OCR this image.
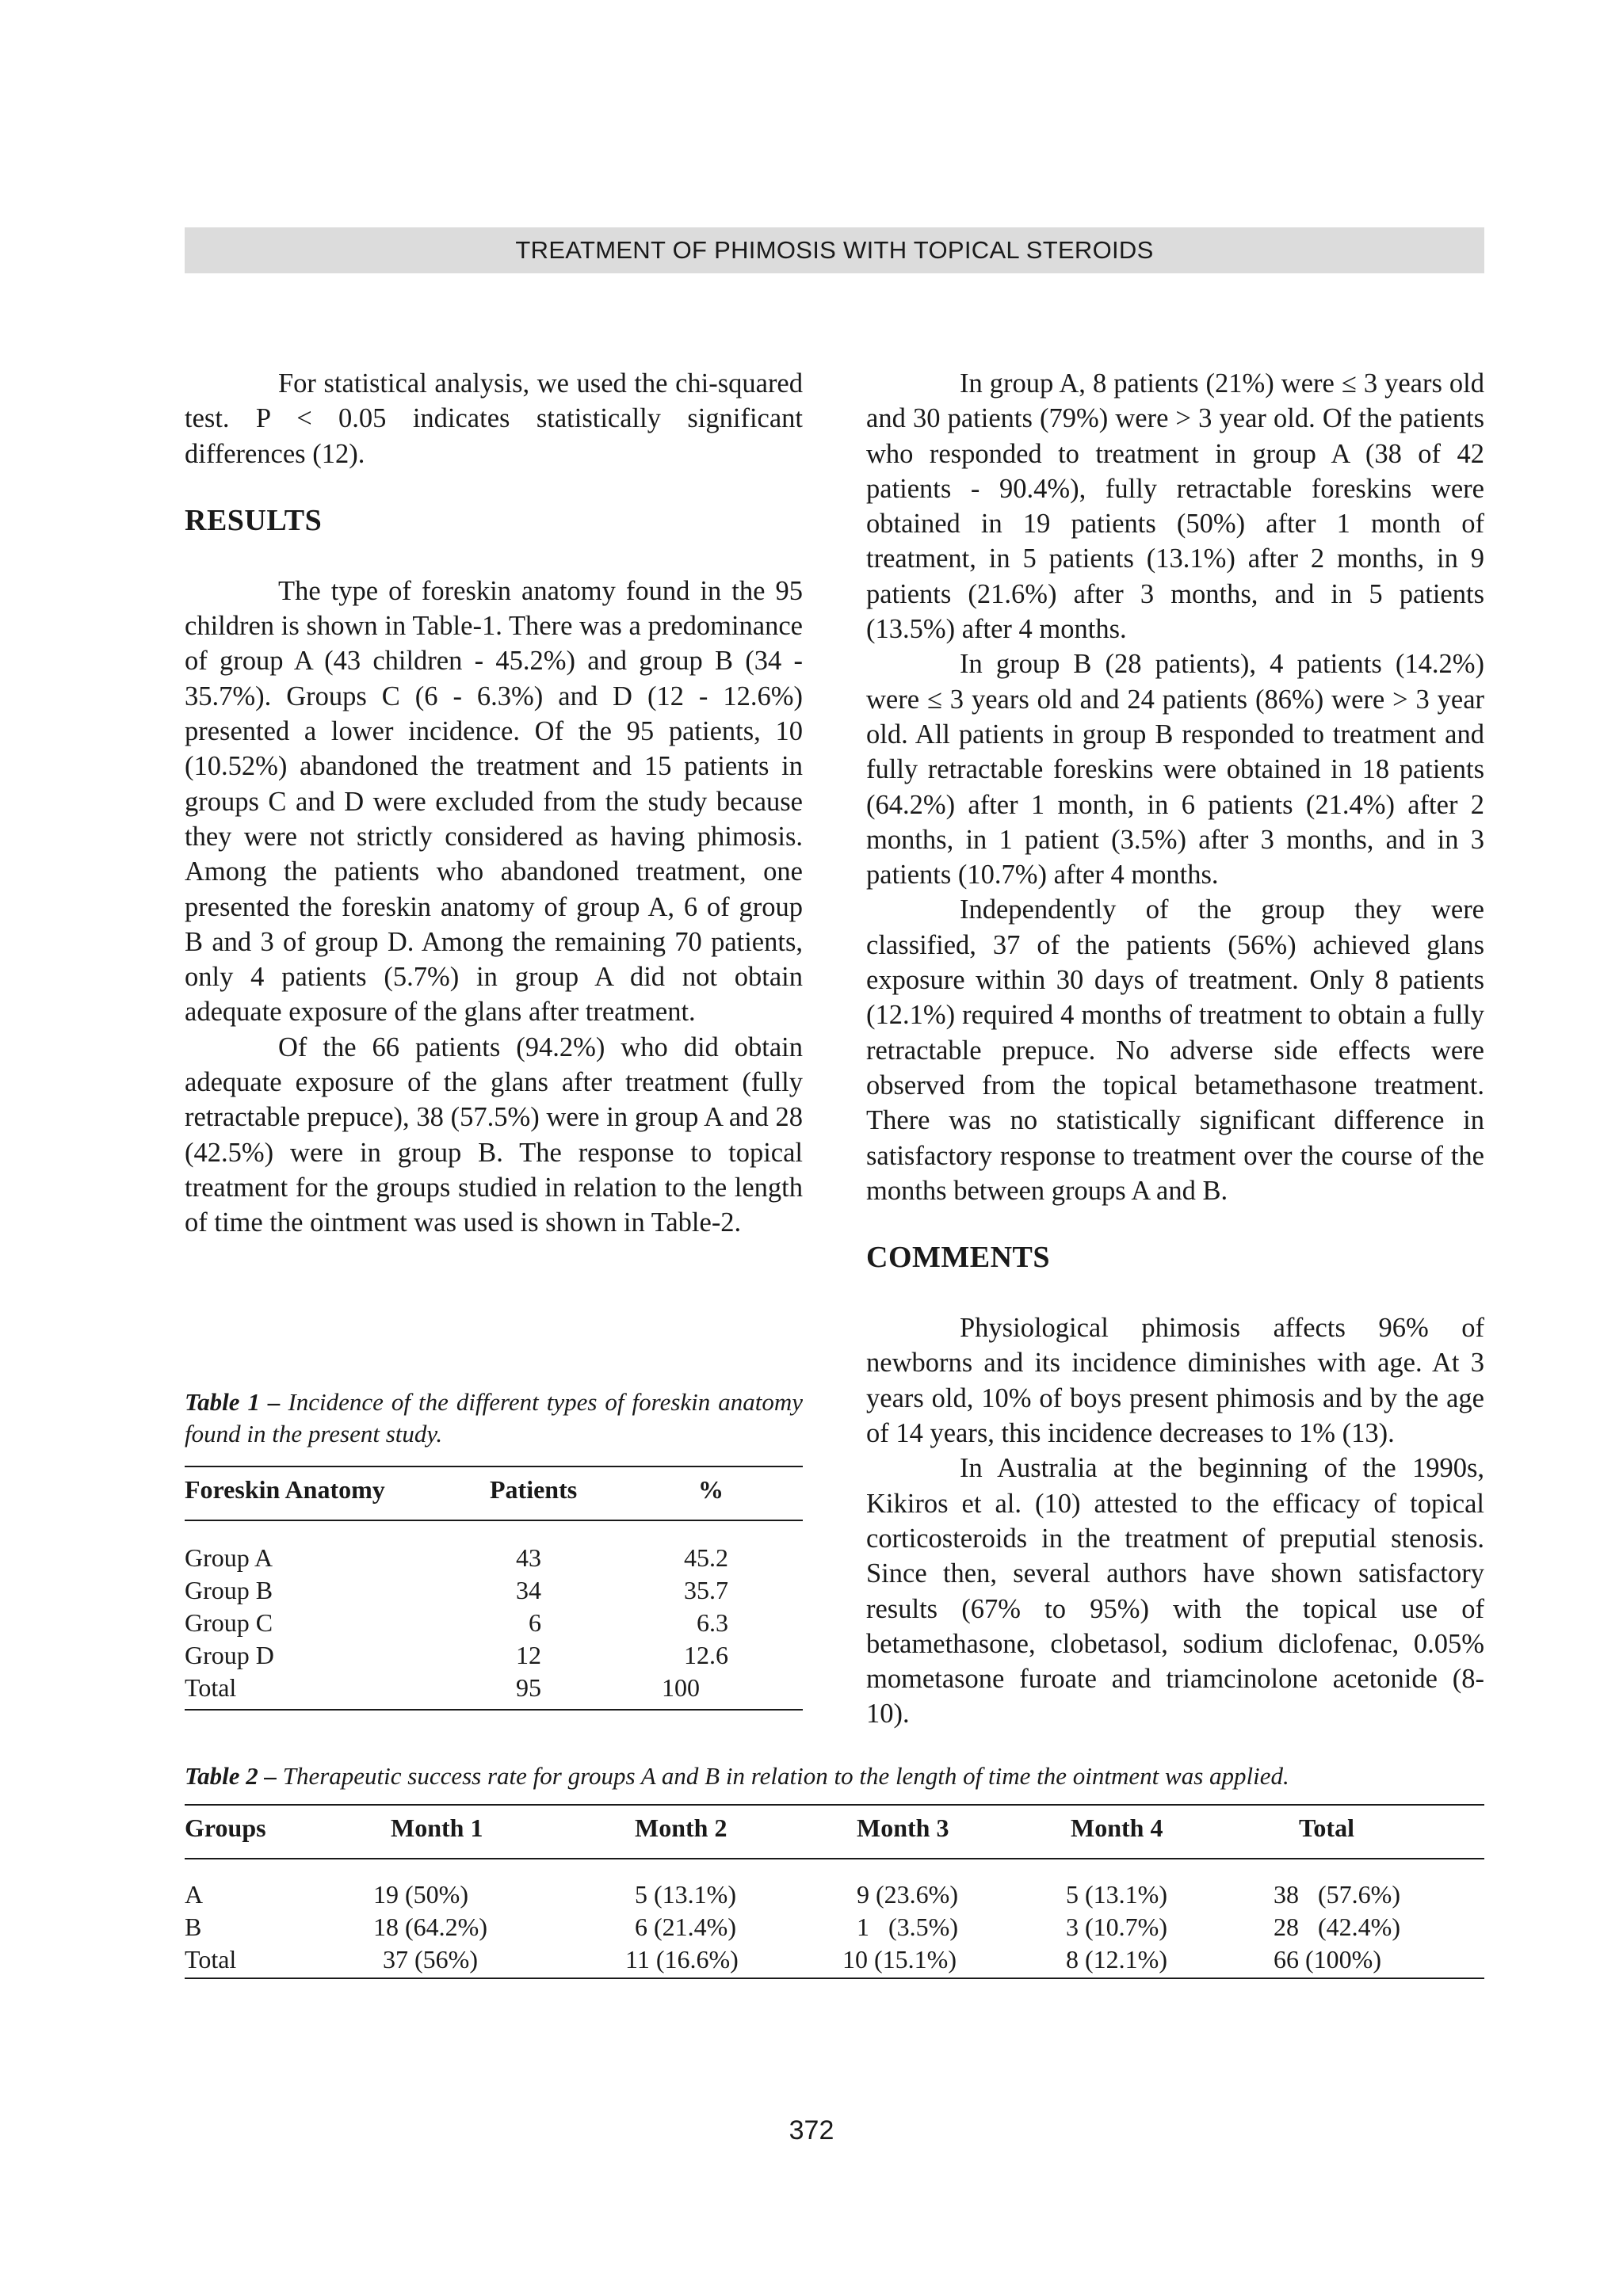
TREATMENT OF PHIMOSIS WITH TOPICAL STEROIDS

For statistical analysis, we used the chi-squared test. P < 0.05 indicates statistically significant differences (12).

RESULTS

The type of foreskin anatomy found in the 95 children is shown in Table-1. There was a predominance of group A (43 children - 45.2%) and group B (34 - 35.7%). Groups C (6 - 6.3%) and D (12 - 12.6%) presented a lower incidence. Of the 95 patients, 10 (10.52%) abandoned the treatment and 15 patients in groups C and D were excluded from the study because they were not strictly considered as having phimosis. Among the patients who abandoned treatment, one presented the foreskin anatomy of group A, 6 of group B and 3 of group D. Among the remaining 70 patients, only 4 patients (5.7%) in group A did not obtain adequate exposure of the glans after treatment.

Of the 66 patients (94.2%) who did obtain adequate exposure of the glans after treatment (fully retractable prepuce), 38 (57.5%) were in group A and 28 (42.5%) were in group B. The response to topical treatment for the groups studied in relation to the length of time the ointment was used is shown in Table-2.

In group A, 8 patients (21%) were ≤ 3 years old and 30 patients (79%) were > 3 year old. Of the patients who responded to treatment in group A (38 of 42 patients - 90.4%), fully retractable foreskins were obtained in 19 patients (50%) after 1 month of treatment, in 5 patients (13.1%) after 2 months, in 9 patients (21.6%) after 3 months, and in 5 patients (13.5%) after 4 months.

In group B (28 patients), 4 patients (14.2%) were ≤ 3 years old and 24 patients (86%) were > 3 year old. All patients in group B responded to treatment and fully retractable foreskins were obtained in 18 patients (64.2%) after 1 month, in 6 patients (21.4%) after 2 months, in 1 patient (3.5%) after 3 months, and in 3 patients (10.7%) after 4 months.

Independently of the group they were classified, 37 of the patients (56%) achieved glans exposure within 30 days of treatment. Only 8 patients (12.1%) required 4 months of treatment to obtain a fully retractable prepuce. No adverse side effects were observed from the topical betamethasone treatment. There was no statistically significant difference in satisfactory response to treatment over the course of the months between groups A and B.

COMMENTS

Physiological phimosis affects 96% of newborns and its incidence diminishes with age. At 3 years old, 10% of boys present phimosis and by the age of 14 years, this incidence decreases to 1% (13).

In Australia at the beginning of the 1990s, Kikiros et al. (10) attested to the efficacy of topical corticosteroids in the treatment of preputial stenosis. Since then, several authors have shown satisfactory results (67% to 95%) with the topical use of betamethasone, clobetasol, sodium diclofenac, 0.05% mometasone furoate and triamcinolone acetonide (8-10).

Table 1 – Incidence of the different types of foreskin anatomy found in the present study.

Foreskin Anatomy	Patients	%
Group A	43	45.2
Group B	34	35.7
Group C	6	6.3
Group D	12	12.6
Total	95	100

Table 2 – Therapeutic success rate for groups A and B in relation to the length of time the ointment was applied.

Groups	Month 1	Month 2	Month 3	Month 4	Total
A	19 (50%)	5 (13.1%)	9 (23.6%)	5 (13.1%)	38   (57.6%)
B	18 (64.2%)	6 (21.4%)	1   (3.5%)	3 (10.7%)	28   (42.4%)
Total	37 (56%)	11 (16.6%)	10 (15.1%)	8 (12.1%)	66 (100%)
372
